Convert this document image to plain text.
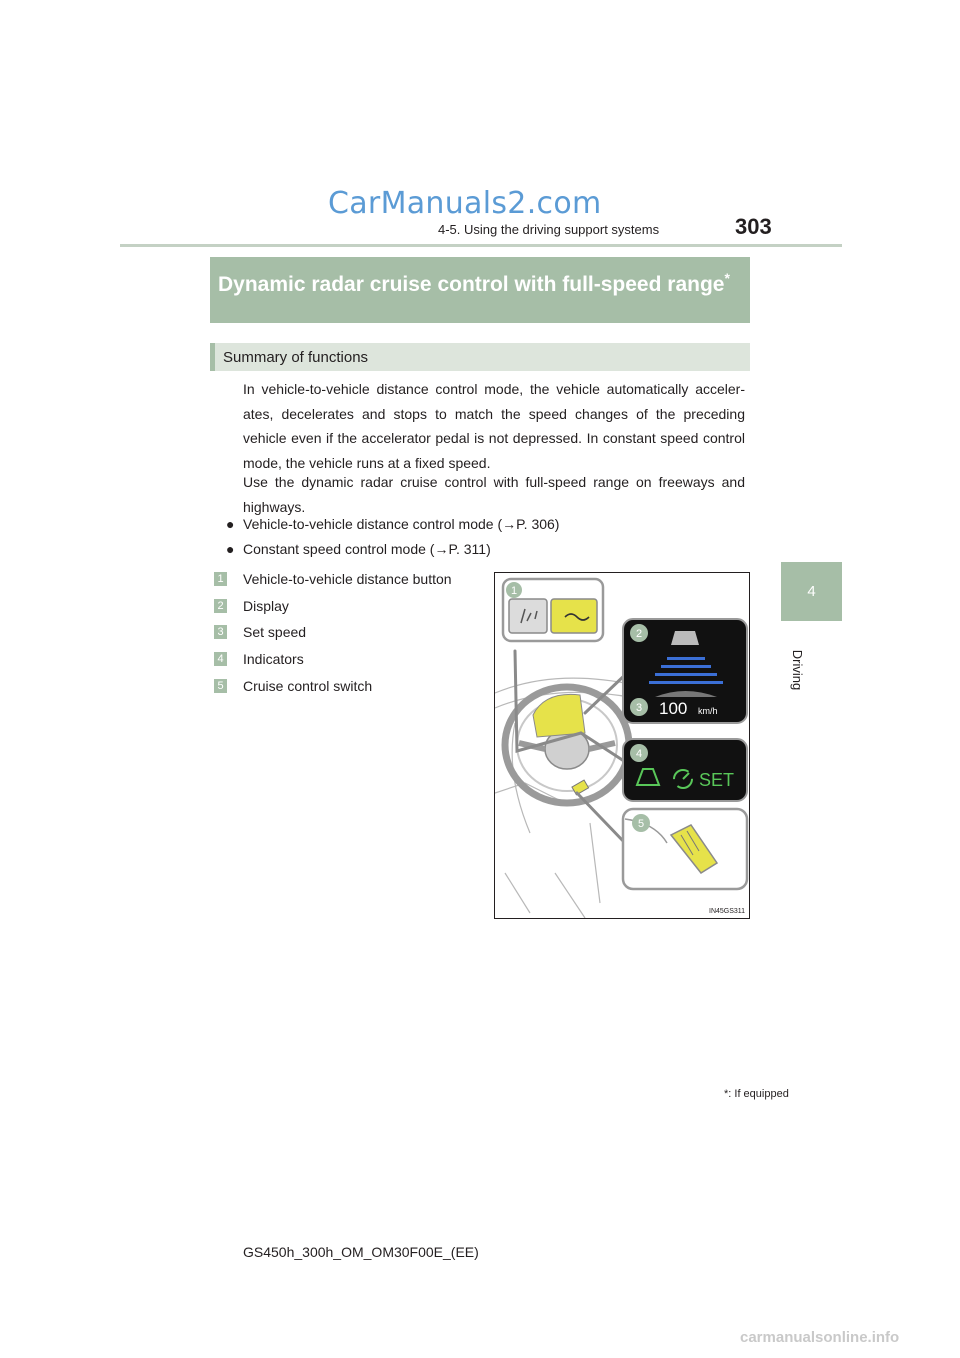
CarManuals2.com
303
4-5. Using the driving support systems
4
Driving
Dynamic radar cruise control with full-speed range*
Summary of functions
In vehicle-to-vehicle distance control mode, the vehicle automatically acceler-ates, decelerates and stops to match the speed changes of the preceding vehicle even if the accelerator pedal is not depressed. In constant speed control mode, the vehicle runs at a fixed speed.
Use the dynamic radar cruise control with full-speed range on freeways and highways.
● Vehicle-to-vehicle distance control mode (→P. 306)
● Constant speed control mode (→P. 311)
1 Vehicle-to-vehicle distance button
2 Display
3 Set speed
4 Indicators
5 Cruise control switch
1
100 km/h
2
3
SET
4
5
IN45GS311
*: If equipped
GS450h_300h_OM_OM30F00E_(EE)
carmanualsonline.info
